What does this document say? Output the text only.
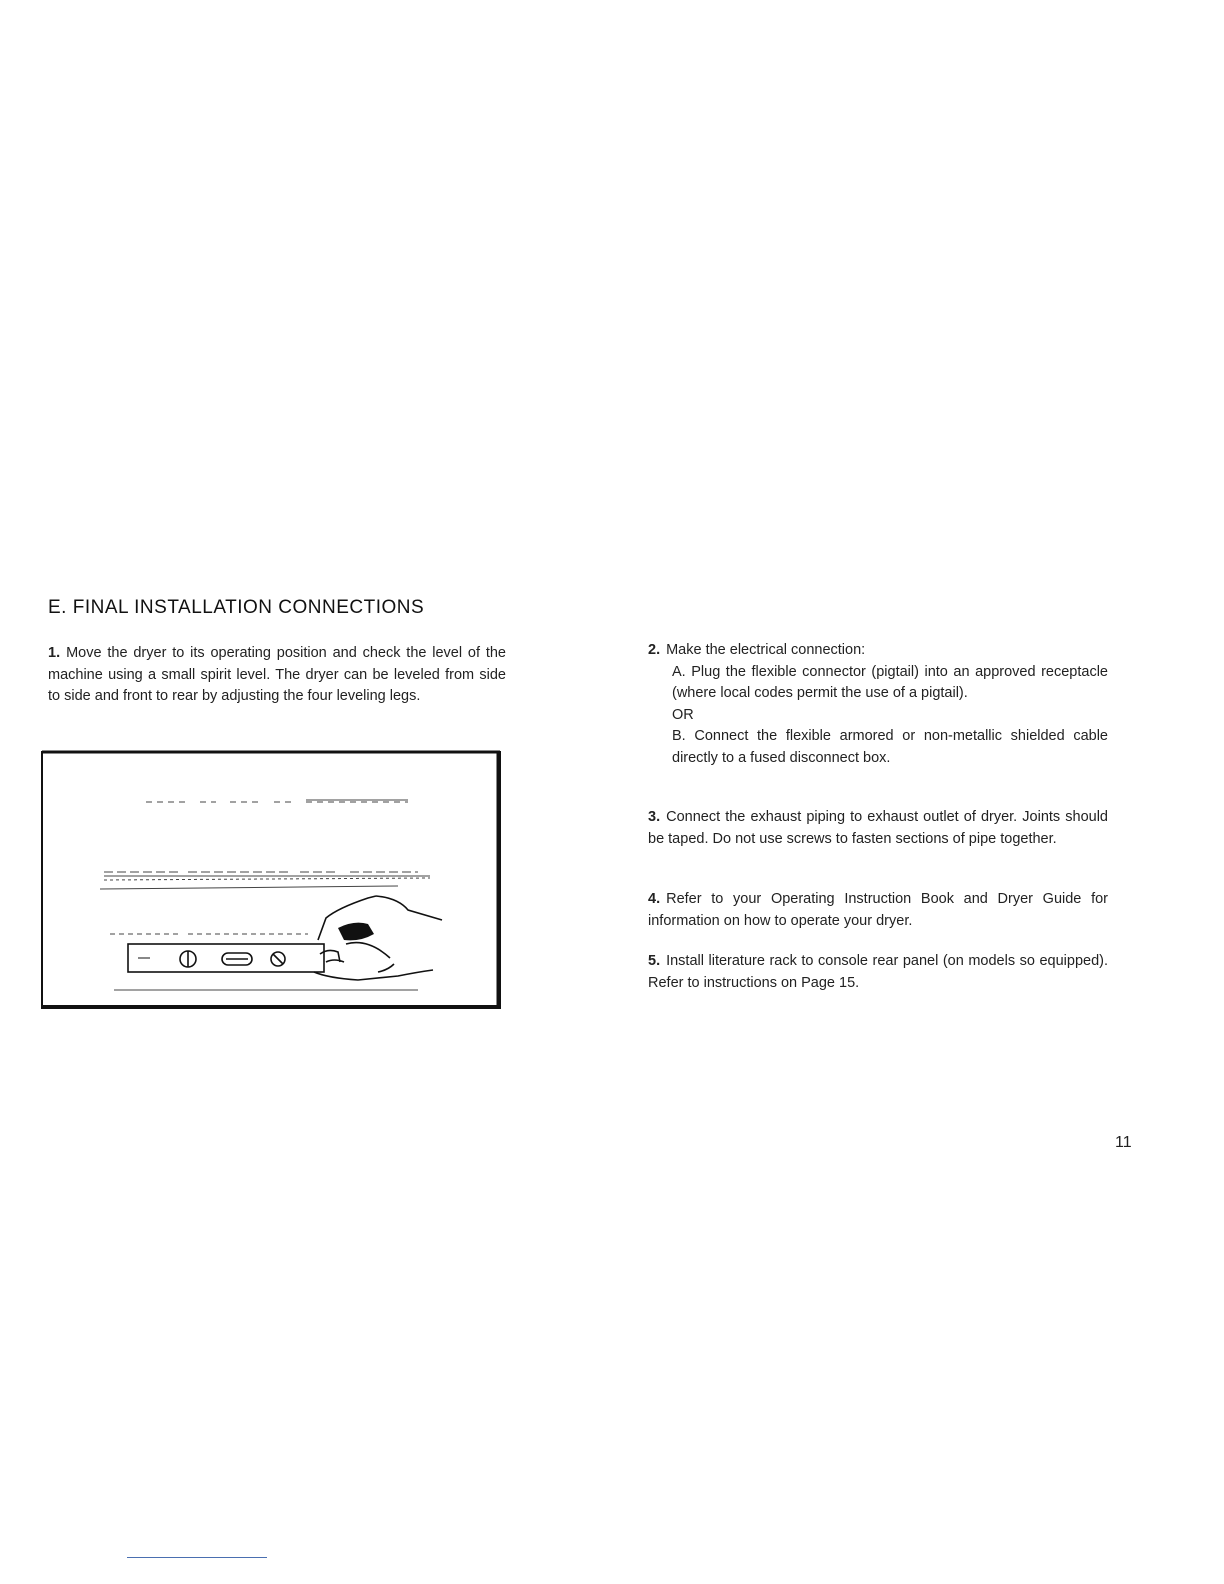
E. FINAL INSTALLATION CONNECTIONS

1. Move the dryer to its operating position and check the level of the machine using a small spirit level. The dryer can be leveled from side to side and front to rear by adjusting the four leveling legs.

2. Make the electrical connection:
A. Plug the flexible connector (pigtail) into an approved receptacle (where local codes permit the use of a pigtail).
OR
B. Connect the flexible armored or non-metallic shielded cable directly to a fused disconnect box.

3. Connect the exhaust piping to exhaust outlet of dryer. Joints should be taped. Do not use screws to fasten sections of pipe together.

4. Refer to your Operating Instruction Book and Dryer Guide for information on how to operate your dryer.

5. Install literature rack to console rear panel (on models so equipped). Refer to instructions on Page 15.

11
